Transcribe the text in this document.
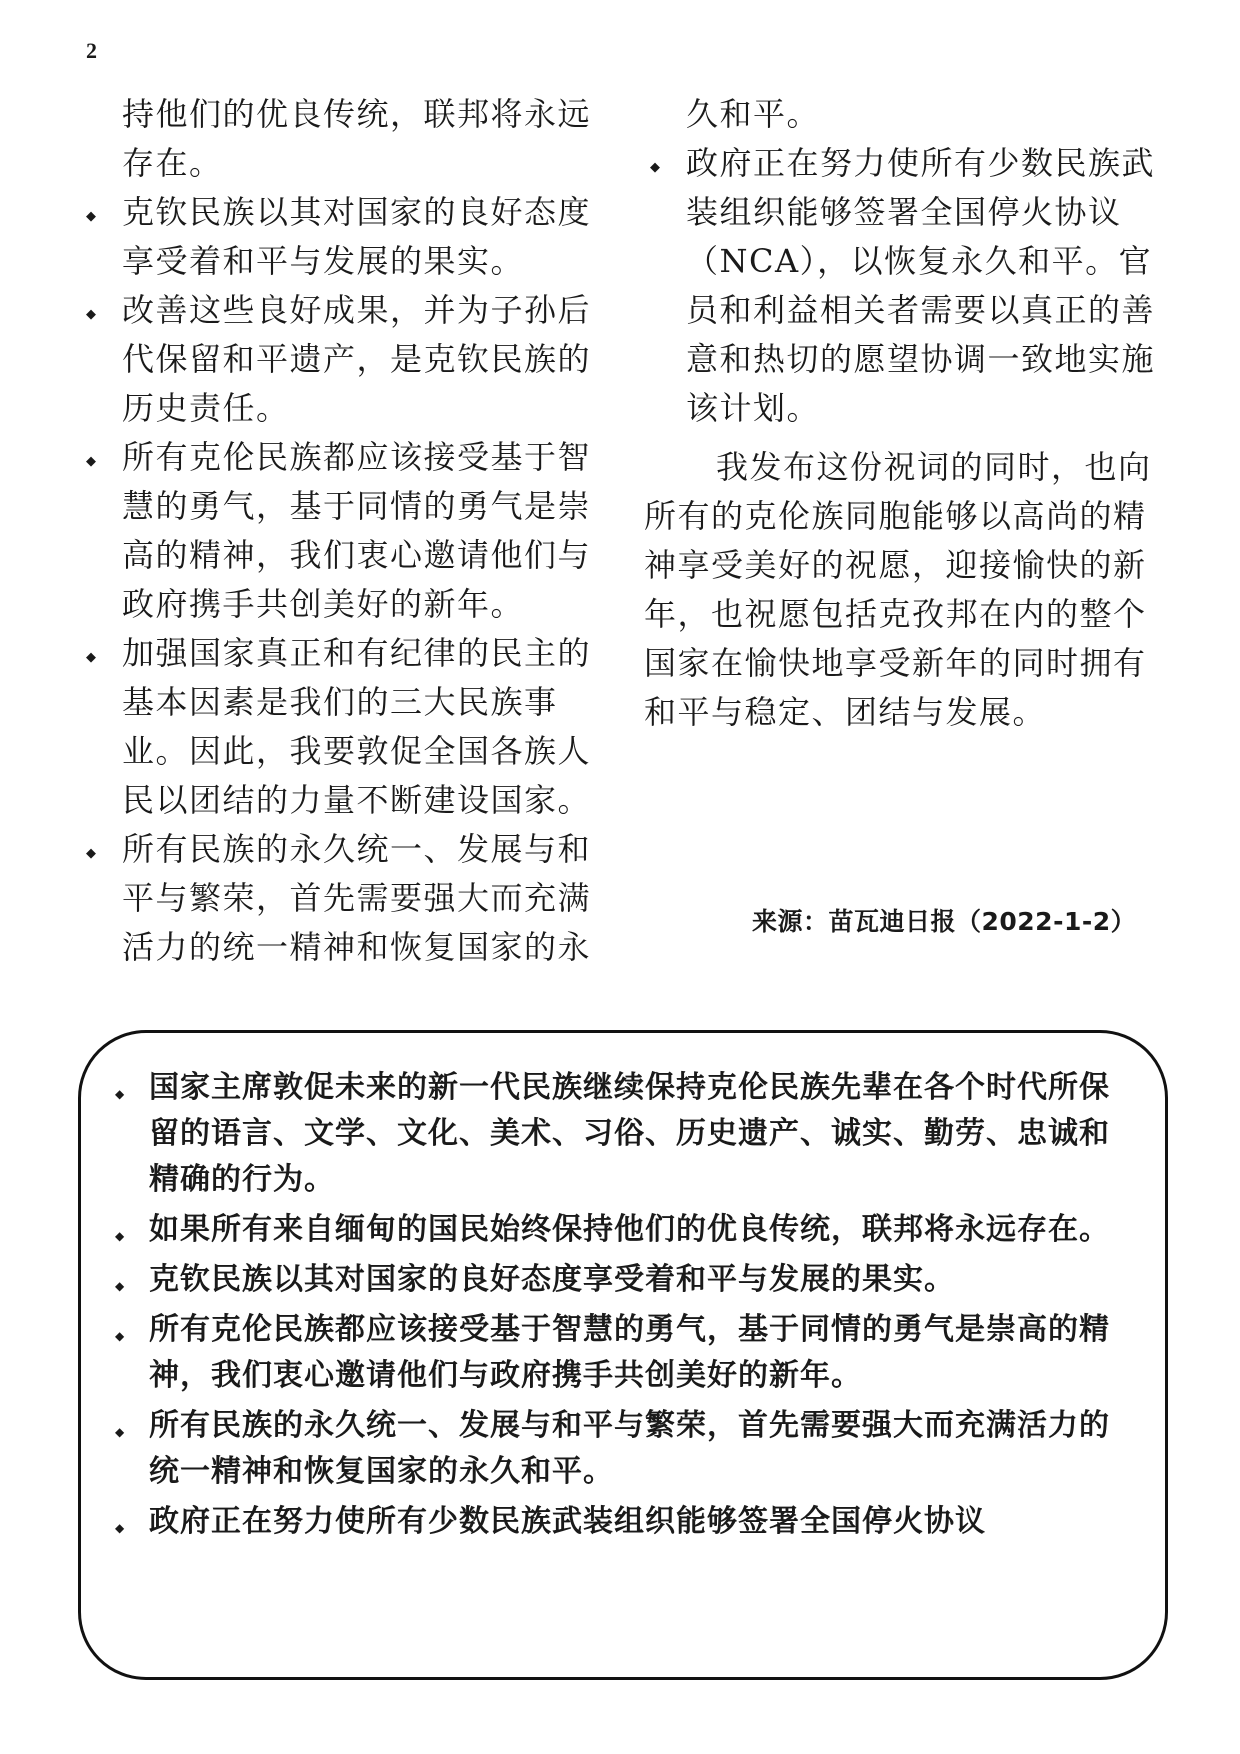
2

持他们的优良传统，联邦将永远存在。

◆ 克钦民族以其对国家的良好态度享受着和平与发展的果实。
◆ 改善这些良好成果，并为子孙后代保留和平遗产，是克钦民族的历史责任。
◆ 所有克伦民族都应该接受基于智慧的勇气，基于同情的勇气是崇高的精神，我们衷心邀请他们与政府携手共创美好的新年。
◆ 加强国家真正和有纪律的民主的基本因素是我们的三大民族事业。因此，我要敦促全国各族人民以团结的力量不断建设国家。
◆ 所有民族的永久统一、发展与和平与繁荣，首先需要强大而充满活力的统一精神和恢复国家的永

久和平。

◆ 政府正在努力使所有少数民族武装组织能够签署全国停火协议（NCA），以恢复永久和平。官员和利益相关者需要以真正的善意和热切的愿望协调一致地实施该计划。

我发布这份祝词的同时，也向所有的克伦族同胞能够以高尚的精神享受美好的祝愿，迎接愉快的新年，也祝愿包括克孜邦在内的整个国家在愉快地享受新年的同时拥有和平与稳定、团结与发展。

来源：苗瓦迪日报（2022-1-2）
◆ 国家主席敦促未来的新一代民族继续保持克伦民族先辈在各个时代所保留的语言、文学、文化、美术、习俗、历史遗产、诚实、勤劳、忠诚和精确的行为。
◆ 如果所有来自缅甸的国民始终保持他们的优良传统，联邦将永远存在。
◆ 克钦民族以其对国家的良好态度享受着和平与发展的果实。
◆ 所有克伦民族都应该接受基于智慧的勇气，基于同情的勇气是崇高的精神，我们衷心邀请他们与政府携手共创美好的新年。
◆ 所有民族的永久统一、发展与和平与繁荣，首先需要强大而充满活力的统一精神和恢复国家的永久和平。
◆ 政府正在努力使所有少数民族武装组织能够签署全国停火协议
